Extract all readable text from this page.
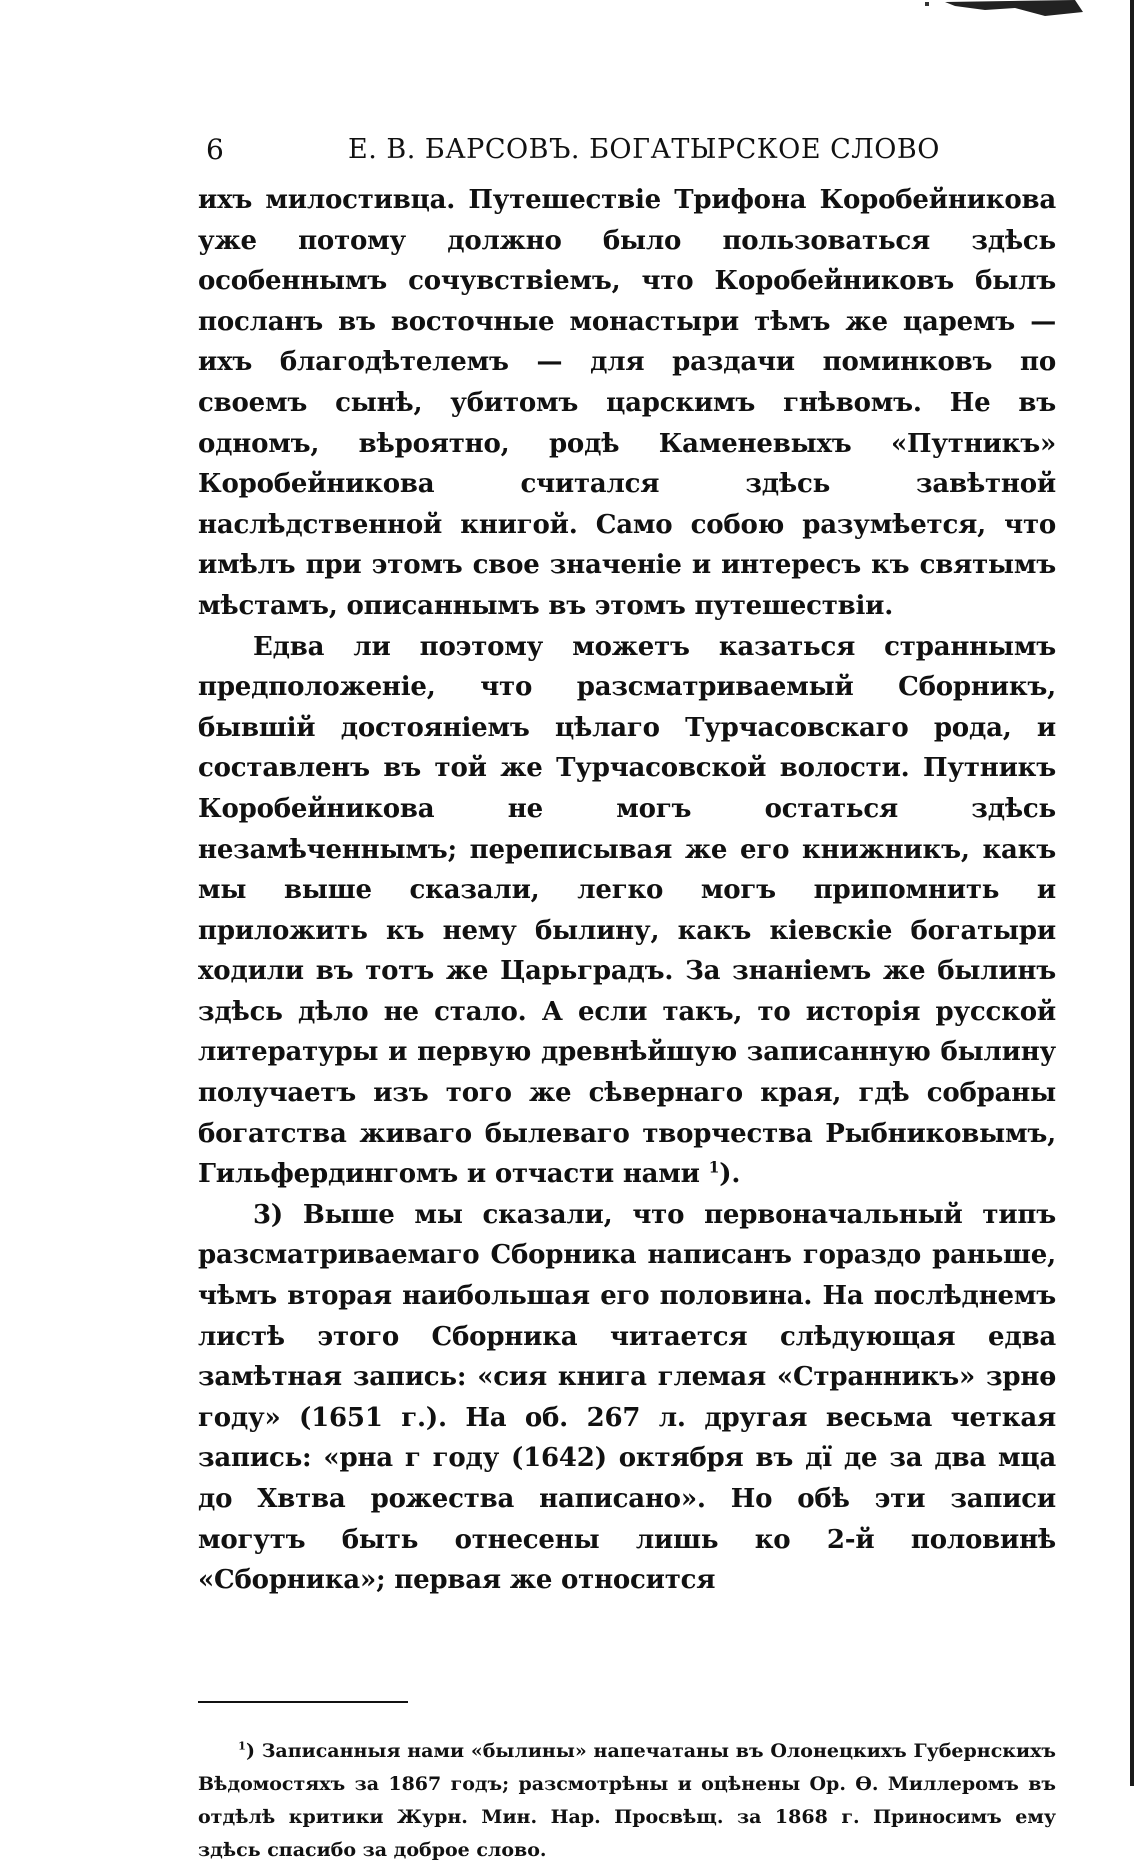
6	Е. В. БАРСОВЪ. БОГАТЫРСКОЕ СЛОВО

ихъ милостивца. Путешествіе Трифона Коробейникова уже потому должно было пользоваться здѣсь особеннымъ сочувствіемъ, что Коробейниковъ былъ посланъ въ восточные монастыри тѣмъ же царемъ — ихъ благодѣтелемъ — для раздачи поминковъ по своемъ сынѣ, убитомъ царскимъ гнѣвомъ. Не въ одномъ, вѣроятно, родѣ Каменевыхъ «Путникъ» Коробейникова считался здѣсь завѣтной наслѣдственной книгой. Само собою разумѣется, что имѣлъ при этомъ свое значеніе и интересъ къ святымъ мѣстамъ, описаннымъ въ этомъ путешествіи.

Едва ли поэтому можетъ казаться страннымъ предположеніе, что разсматриваемый Сборникъ, бывшій достояніемъ цѣлаго Турчасовскаго рода, и составленъ въ той же Турчасовской волости. Путникъ Коробейникова не могъ остаться здѣсь незамѣченнымъ; переписывая же его книжникъ, какъ мы выше сказали, легко могъ припомнить и приложить къ нему былину, какъ кіевскіе богатыри ходили въ тотъ же Царьградъ. За знаніемъ же былинъ здѣсь дѣло не стало. А если такъ, то исторія русской литературы и первую древнѣйшую записанную былину получаетъ изъ того же сѣвернаго края, гдѣ собраны богатства живаго былеваго творчества Рыбниковымъ, Гильфердингомъ и отчасти нами $^1$).

3) Выше мы сказали, что первоначальный типъ разсматриваемаго Сборника написанъ гораздо раньше, чѣмъ вторая наибольшая его половина. На послѣднемъ листѣ этого Сборника читается слѣдующая едва замѣтная запись: «сия книга глемая «Странникъ» зрнѳ году» (1651 г.). На об. 267 л. другая весьма четкая запись: «рна г году (1642) октября въ дї де за два мца до Хвтва рожества написано». Но обѣ эти записи могутъ быть отнесены лишь ко 2-й половинѣ «Сборника»; первая же относится

$^1$) Записанныя нами «былины» напечатаны въ Олонецкихъ Губернскихъ Вѣдомостяхъ за 1867 годъ; разсмотрѣны и оцѣнены Ор. Ѳ. Миллеромъ въ отдѣлѣ критики Журн. Мин. Нар. Просвѣщ. за 1868 г. Приносимъ ему здѣсь спасибо за доброе слово.
